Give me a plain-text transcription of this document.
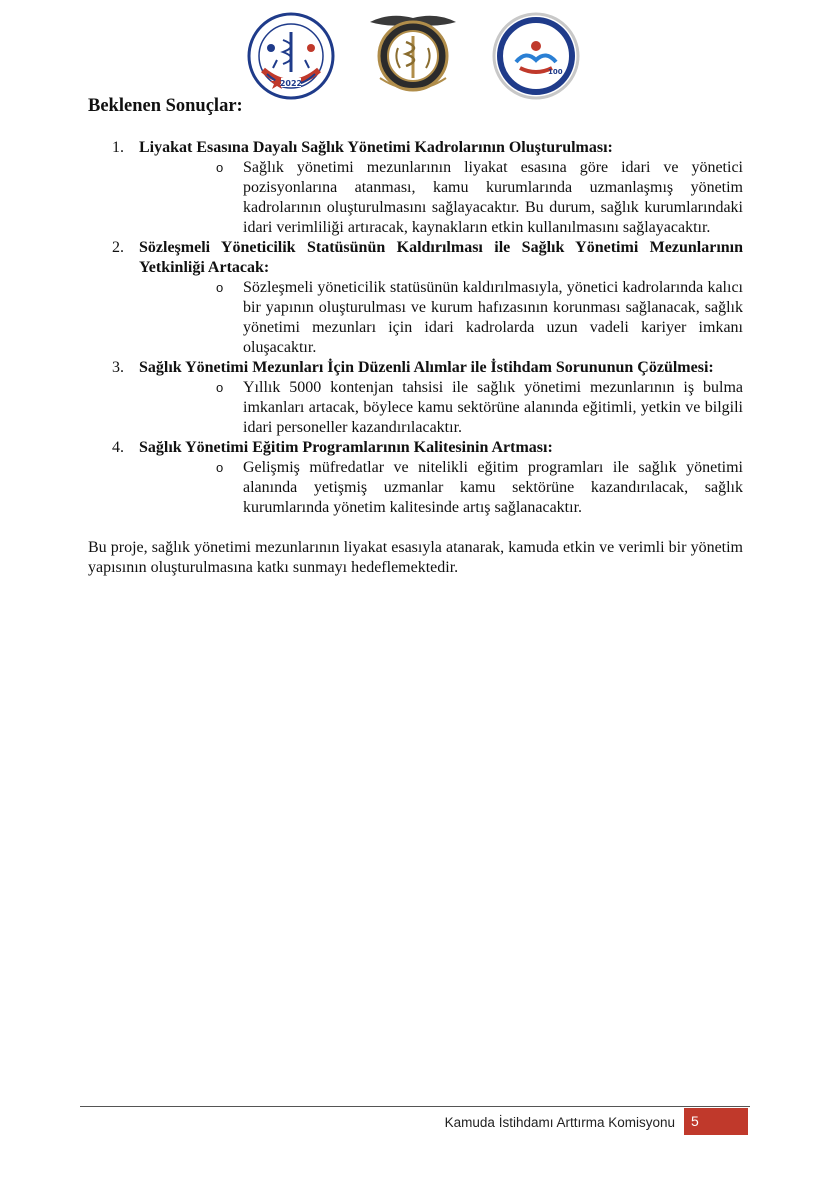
2022
100
Beklenen Sonuçlar:
1. Liyakat Esasına Dayalı Sağlık Yönetimi Kadrolarının Oluşturulması:
o Sağlık yönetimi mezunlarının liyakat esasına göre idari ve yönetici pozisyonlarına atanması, kamu kurumlarında uzmanlaşmış yönetim kadrolarının oluşturulmasını sağlayacaktır. Bu durum, sağlık kurumlarındaki idari verimliliği artıracak, kaynakların etkin kullanılmasını sağlayacaktır.
2. Sözleşmeli Yöneticilik Statüsünün Kaldırılması ile Sağlık Yönetimi Mezunlarının Yetkinliği Artacak:
o Sözleşmeli yöneticilik statüsünün kaldırılmasıyla, yönetici kadrolarında kalıcı bir yapının oluşturulması ve kurum hafızasının korunması sağlanacak, sağlık yönetimi mezunları için idari kadrolarda uzun vadeli kariyer imkanı oluşacaktır.
3. Sağlık Yönetimi Mezunları İçin Düzenli Alımlar ile İstihdam Sorununun Çözülmesi:
o Yıllık 5000 kontenjan tahsisi ile sağlık yönetimi mezunlarının iş bulma imkanları artacak, böylece kamu sektörüne alanında eğitimli, yetkin ve bilgili idari personeller kazandırılacaktır.
4. Sağlık Yönetimi Eğitim Programlarının Kalitesinin Artması:
o Gelişmiş müfredatlar ve nitelikli eğitim programları ile sağlık yönetimi alanında yetişmiş uzmanlar kamu sektörüne kazandırılacak, sağlık kurumlarında yönetim kalitesinde artış sağlanacaktır.

Bu proje, sağlık yönetimi mezunlarının liyakat esasıyla atanarak, kamuda etkin ve verimli bir yönetim yapısının oluşturulmasına katkı sunmayı hedeflemektedir.

Kamuda İstihdamı Arttırma Komisyonu	5
